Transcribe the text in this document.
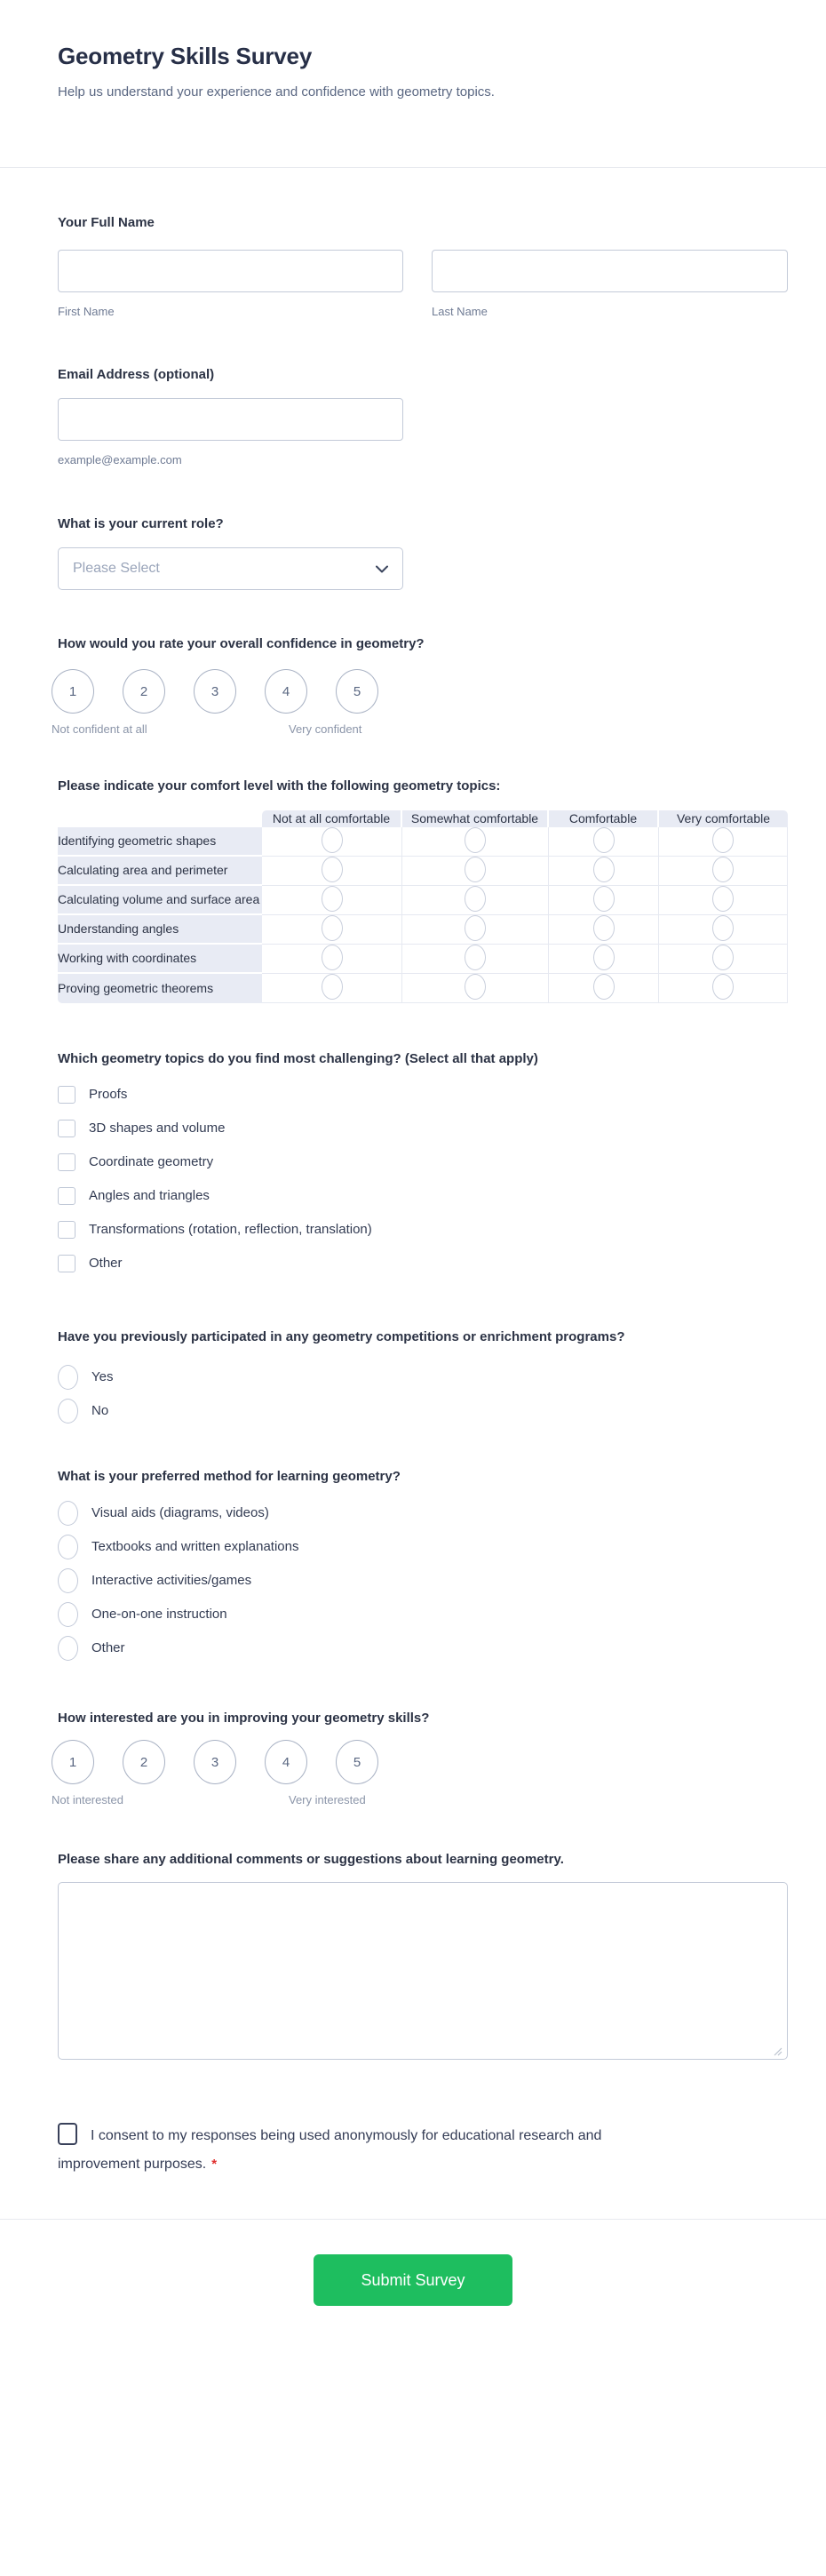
Geometry Skills Survey
Help us understand your experience and confidence with geometry topics.
Your Full Name
First Name	Last Name
Email Address (optional)
example@example.com
What is your current role?
Please Select
How would you rate your overall confidence in geometry?
1	2	3	4	5
Not confident at all	Very confident
Please indicate your comfort level with the following geometry topics:
	Not at all comfortable	Somewhat comfortable	Comfortable	Very comfortable
Identifying geometric shapes				
Calculating area and perimeter				
Calculating volume and surface area				
Understanding angles				
Working with coordinates				
Proving geometric theorems				
Which geometry topics do you find most challenging? (Select all that apply)
Proofs
3D shapes and volume
Coordinate geometry
Angles and triangles
Transformations (rotation, reflection, translation)
Other
Have you previously participated in any geometry competitions or enrichment programs?
Yes
No
What is your preferred method for learning geometry?
Visual aids (diagrams, videos)
Textbooks and written explanations
Interactive activities/games
One-on-one instruction
Other
How interested are you in improving your geometry skills?
1	2	3	4	5
Not interested	Very interested
Please share any additional comments or suggestions about learning geometry.
I consent to my responses being used anonymously for educational research and improvement purposes. *
Submit Survey
